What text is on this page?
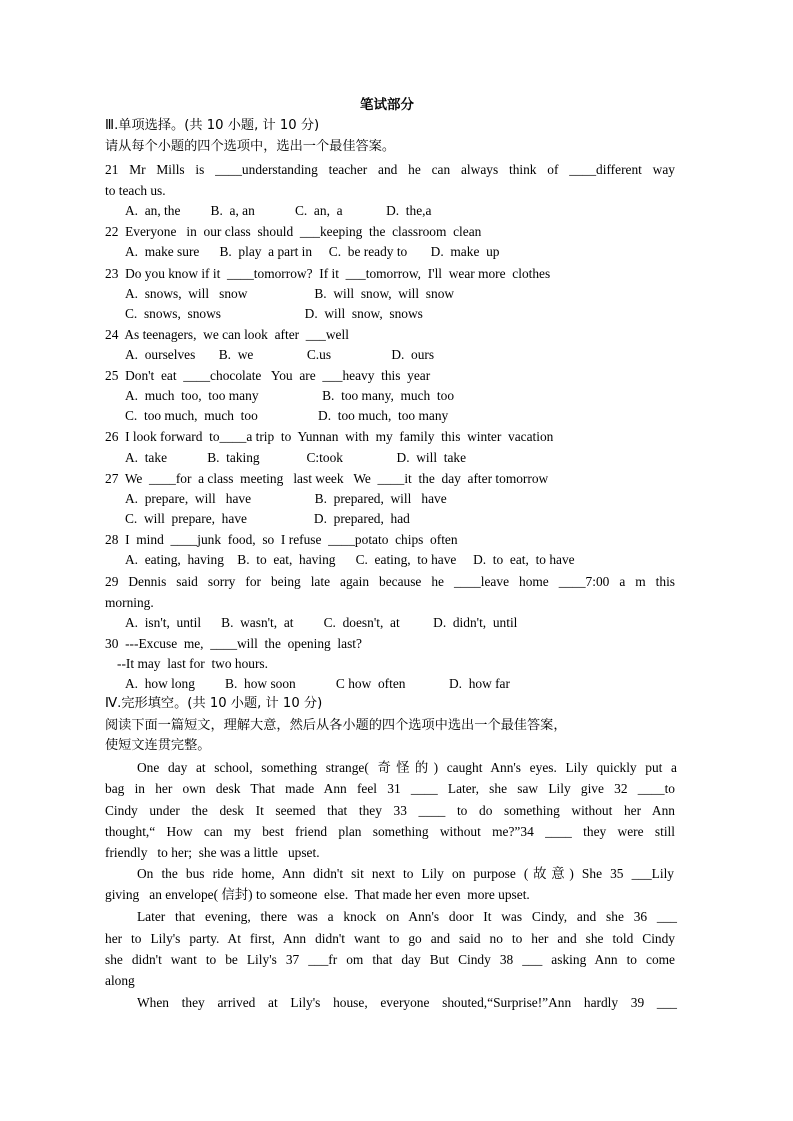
笔试部分
Ⅲ.单项选择。(共 10 小题, 计 10 分)
请从每个小题的四个选项中，选出一个最佳答案。
21 Mr Mills is ____understanding teacher and he can always think of ____different way
to teach us.
A.  an, the         B.  a, an            C.  an,  a             D.  the,a
22  Everyone   in  our class  should  ___keeping  the  classroom  clean
A.  make sure      B.  play  a part in     C.  be ready to       D.  make  up
23  Do you know if it  ____tomorrow?  If it  ___tomorrow,  I'll  wear more  clothes
A.  snows,  will   snow                    B.  will  snow,  will  snow
C.  snows,  snows                         D.  will  snow,  snows
24  As teenagers,  we can look  after  ___well
A.  ourselves       B.  we                C.us                  D.  ours
25  Don't  eat  ____chocolate   You  are  ___heavy  this  year
A.  much  too,  too many                   B.  too many,  much  too
C.  too much,  much  too                  D.  too much,  too many
26  I look forward  to____a trip  to  Yunnan  with  my  family  this  winter  vacation
A.  take            B.  taking              C:took                D.  will  take
27  We  ____for  a class  meeting   last week   We  ____it  the  day  after tomorrow
A.  prepare,  will   have                   B.  prepared,  will   have
C.  will  prepare,  have                    D.  prepared,  had
28  I  mind  ____junk  food,  so  I refuse  ____potato  chips  often
A.  eating,  having    B.  to  eat,  having      C.  eating,  to have     D.  to  eat,  to have
29 Dennis said sorry for being late again because he ____leave home ____7:00 a m this
morning.
A.  isn't,  until      B.  wasn't,  at         C.  doesn't,  at          D.  didn't,  until
30  ---Excuse  me,  ____will  the  opening  last?
--It may  last for  two hours.
A.  how long         B.  how soon            C how  often             D.  how far
Ⅳ.完形填空。(共 10 小题, 计 10 分)
阅读下面一篇短文，理解大意，然后从各小题的四个选项中选出一个最佳答案，
使短文连贯完整。
One day at school, something strange( 奇怪的) caught Ann's eyes. Lily quickly put a
bag in her own desk That made Ann feel 31 ____ Later, she saw Lily give 32 ____to
Cindy under the desk It seemed that they 33 ____ to do something without her Ann
thought,“ How can my best friend plan something without me?”34 ____ they were still
friendly   to her;  she was a little   upset.
On the bus ride home, Ann didn't sit next to Lily on purpose (故意) She 35 ___Lily
giving   an envelope( 信封) to someone  else.  That made her even  more upset.
Later that evening, there was a knock on Ann's door It was Cindy, and she 36 ___
her to Lily's party. At first, Ann didn't want to go and said no to her and she told Cindy
she didn't want to be Lily's 37 ___fr om that day But Cindy 38 ___ asking Ann to come
along
When they arrived at Lily's house, everyone shouted,“Surprise!”Ann hardly 39 ___
